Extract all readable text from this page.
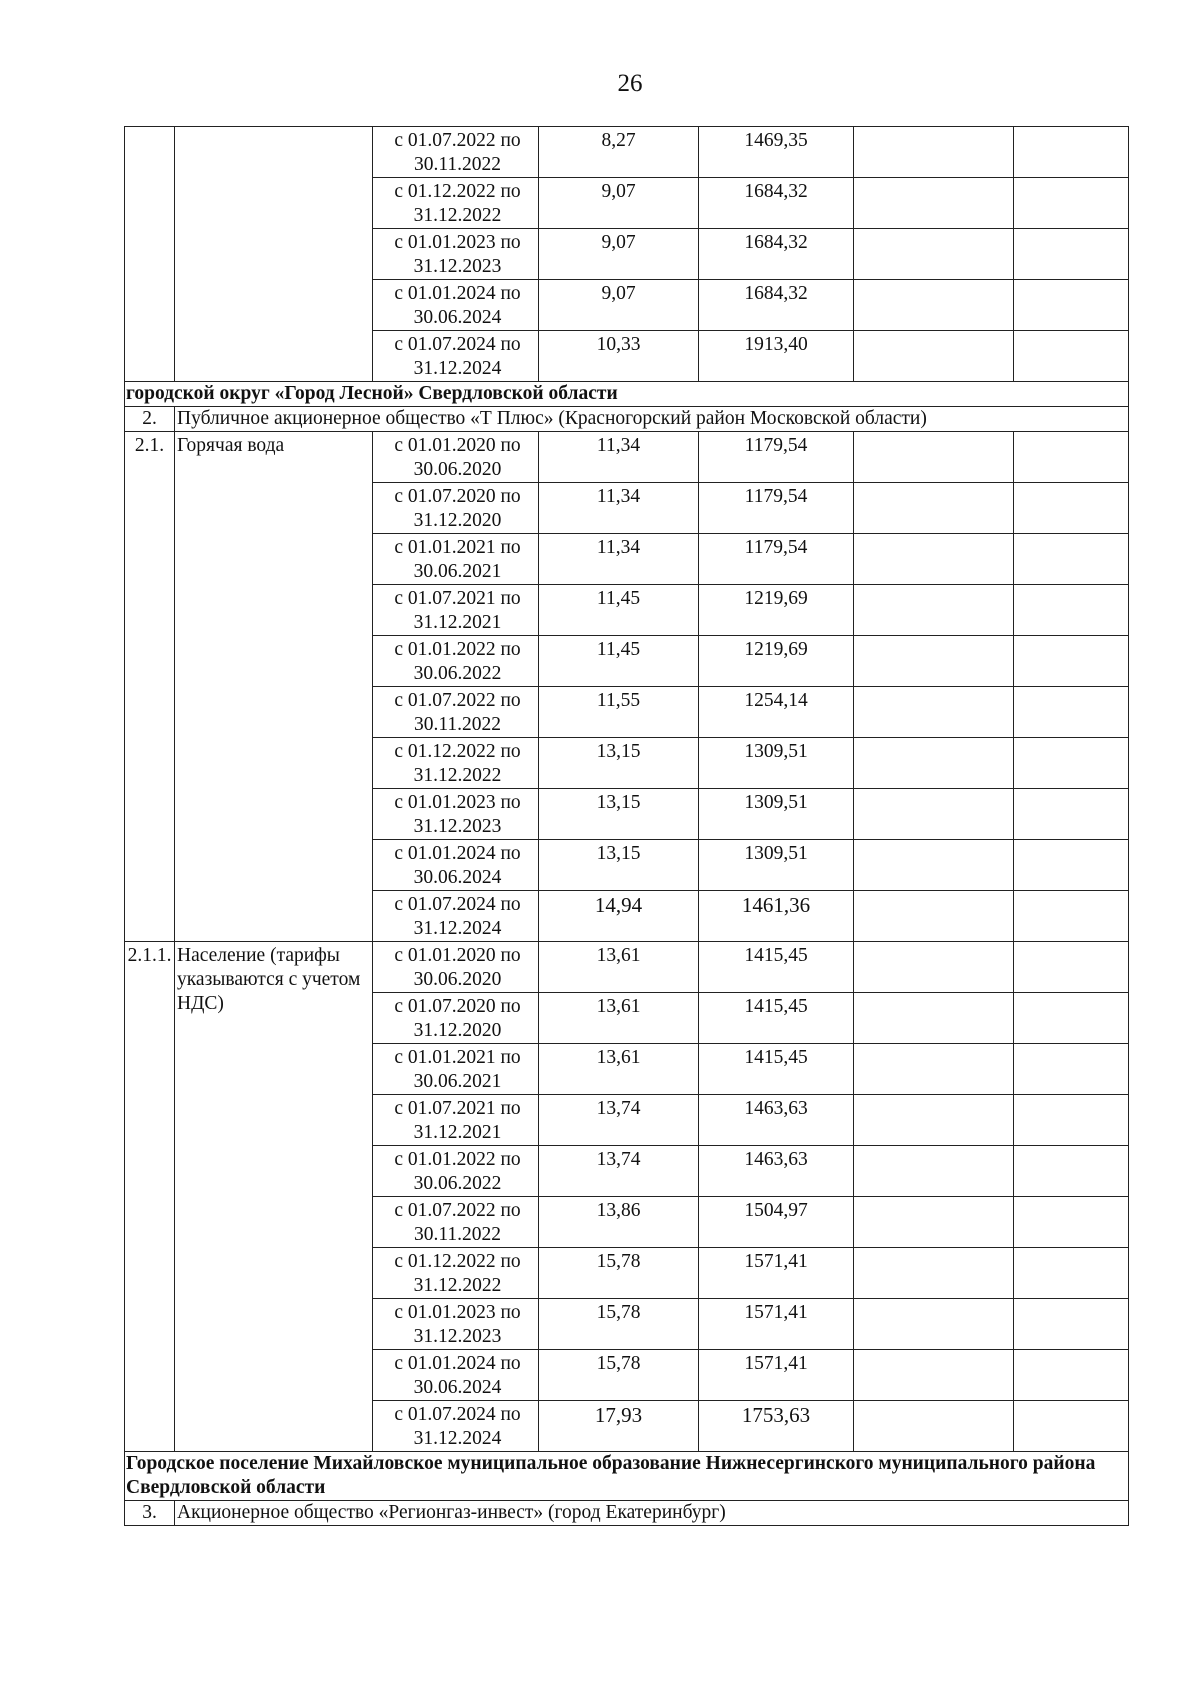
26
		с 01.07.2022 по 30.11.2022	8,27	1469,35		
		с 01.12.2022 по 31.12.2022	9,07	1684,32		
		с 01.01.2023 по 31.12.2023	9,07	1684,32		
		с 01.01.2024 по 30.06.2024	9,07	1684,32		
		с 01.07.2024 по 31.12.2024	10,33	1913,40		
городской округ «Город Лесной» Свердловской области						
2.	Публичное акционерное общество «Т Плюс» (Красногорский район Московской области)					
2.1.	Горячая вода	с 01.01.2020 по 30.06.2020	11,34	1179,54		
		с 01.07.2020 по 31.12.2020	11,34	1179,54		
		с 01.01.2021 по 30.06.2021	11,34	1179,54		
		с 01.07.2021 по 31.12.2021	11,45	1219,69		
		с 01.01.2022 по 30.06.2022	11,45	1219,69		
		с 01.07.2022 по 30.11.2022	11,55	1254,14		
		с 01.12.2022 по 31.12.2022	13,15	1309,51		
		с 01.01.2023 по 31.12.2023	13,15	1309,51		
		с 01.01.2024 по 30.06.2024	13,15	1309,51		
		с 01.07.2024 по 31.12.2024	14,94	1461,36		
2.1.1.	Население (тарифы указываются с учетом НДС)	с 01.01.2020 по 30.06.2020	13,61	1415,45		
		с 01.07.2020 по 31.12.2020	13,61	1415,45		
		с 01.01.2021 по 30.06.2021	13,61	1415,45		
		с 01.07.2021 по 31.12.2021	13,74	1463,63		
		с 01.01.2022 по 30.06.2022	13,74	1463,63		
		с 01.07.2022 по 30.11.2022	13,86	1504,97		
		с 01.12.2022 по 31.12.2022	15,78	1571,41		
		с 01.01.2023 по 31.12.2023	15,78	1571,41		
		с 01.01.2024 по 30.06.2024	15,78	1571,41		
		с 01.07.2024 по 31.12.2024	17,93	1753,63		
Городское поселение Михайловское муниципальное образование Нижнесергинского муниципального района Свердловской области						
3.	Акционерное общество «Регионгаз-инвест» (город Екатеринбург)					
